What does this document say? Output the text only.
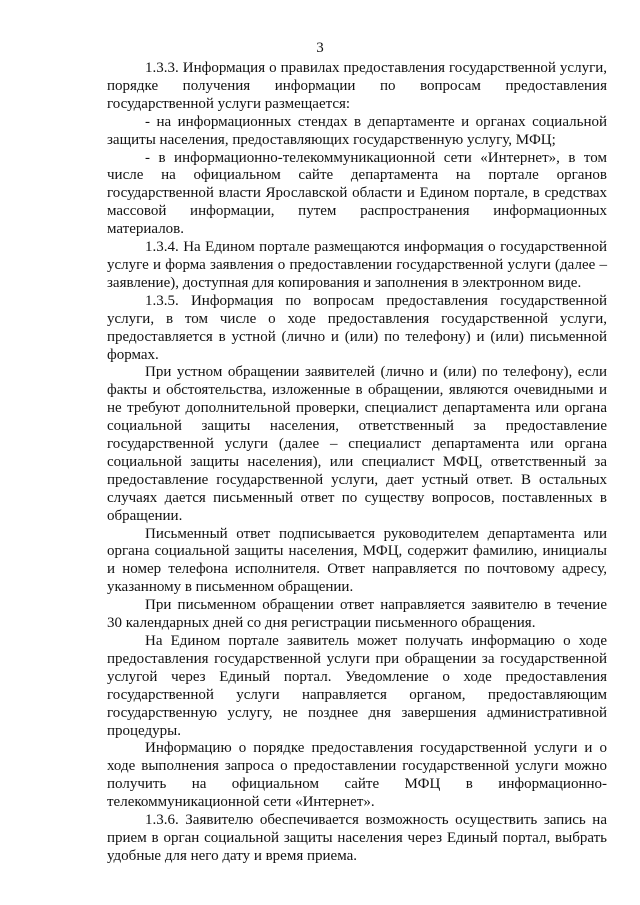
3

1.3.3. Информация о правилах предоставления государственной услуги, порядке получения информации по вопросам предоставления государственной услуги размещается:

- на информационных стендах в департаменте и органах социальной защиты населения, предоставляющих государственную услугу, МФЦ;

- в информационно-телекоммуникационной сети «Интернет», в том числе на официальном сайте департамента на портале органов государственной власти Ярославской области и Едином портале, в средствах массовой информации, путем распространения информационных материалов.

1.3.4. На Едином портале размещаются информация о государственной услуге и форма заявления о предоставлении государственной услуги (далее – заявление), доступная для копирования и заполнения в электронном виде.

1.3.5. Информация по вопросам предоставления государственной услуги, в том числе о ходе предоставления государственной услуги, предоставляется в устной (лично и (или) по телефону) и (или) письменной формах.

При устном обращении заявителей (лично и (или) по телефону), если факты и обстоятельства, изложенные в обращении, являются очевидными и не требуют дополнительной проверки, специалист департамента или органа социальной защиты населения, ответственный за предоставление государственной услуги (далее – специалист департамента или органа социальной защиты населения), или специалист МФЦ, ответственный за предоставление государственной услуги, дает устный ответ. В остальных случаях дается письменный ответ по существу вопросов, поставленных в обращении.

Письменный ответ подписывается руководителем департамента или органа социальной защиты населения, МФЦ, содержит фамилию, инициалы и номер телефона исполнителя. Ответ направляется по почтовому адресу, указанному в письменном обращении.

При письменном обращении ответ направляется заявителю в течение 30 календарных дней со дня регистрации письменного обращения.

На Едином портале заявитель может получать информацию о ходе предоставления государственной услуги при обращении за государственной услугой через Единый портал. Уведомление о ходе предоставления государственной услуги направляется органом, предоставляющим государственную услугу, не позднее дня завершения административной процедуры.

Информацию о порядке предоставления государственной услуги и о ходе выполнения запроса о предоставлении государственной услуги можно получить на официальном сайте МФЦ в информационно-телекоммуникационной сети «Интернет».

1.3.6. Заявителю обеспечивается возможность осуществить запись на прием в орган социальной защиты населения через Единый портал, выбрать удобные для него дату и время приема.
